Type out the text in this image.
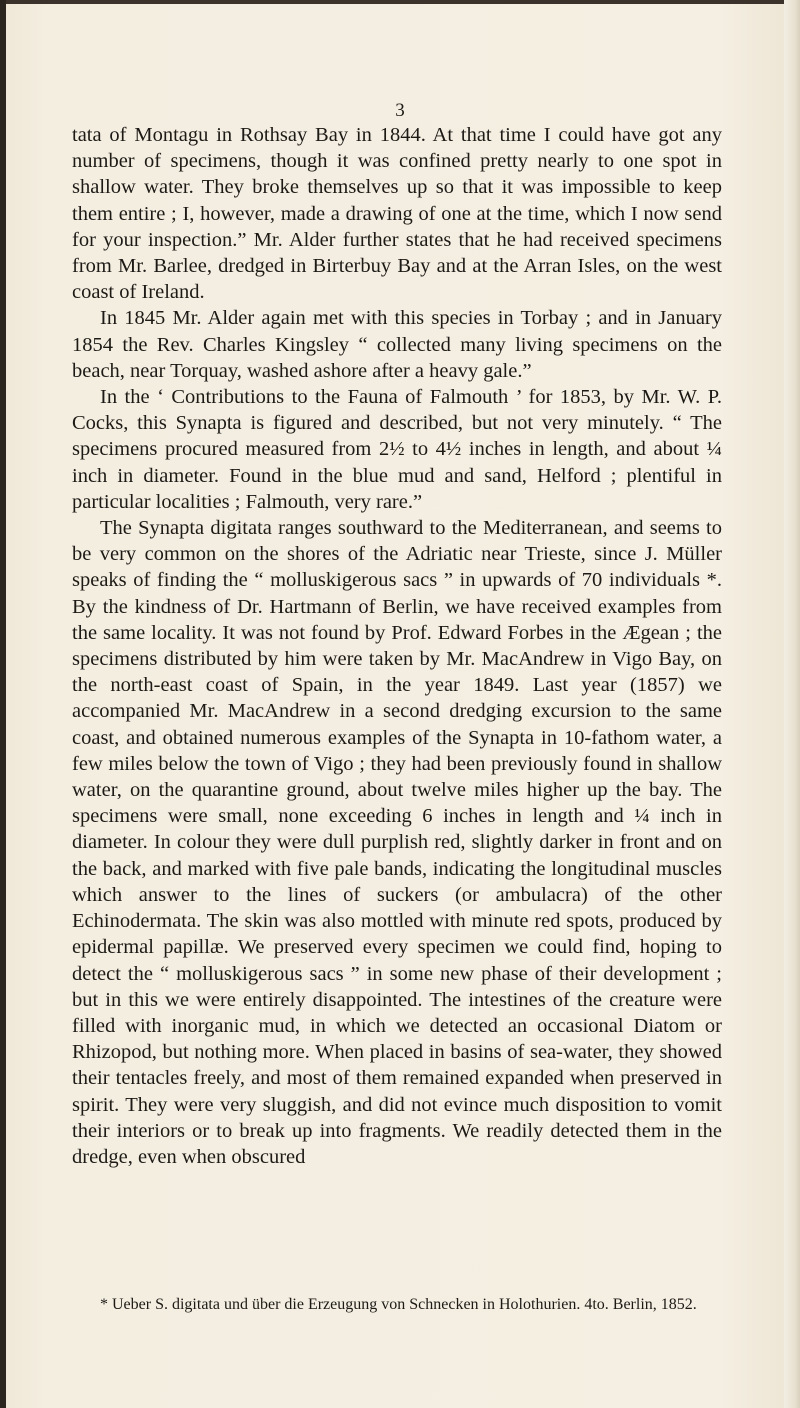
3

tata of Montagu in Rothsay Bay in 1844. At that time I could have got any number of specimens, though it was confined pretty nearly to one spot in shallow water. They broke themselves up so that it was impossible to keep them entire ; I, however, made a drawing of one at the time, which I now send for your inspection.” Mr. Alder further states that he had received specimens from Mr. Barlee, dredged in Birterbuy Bay and at the Arran Isles, on the west coast of Ireland.

In 1845 Mr. Alder again met with this species in Torbay ; and in January 1854 the Rev. Charles Kingsley “ collected many living specimens on the beach, near Torquay, washed ashore after a heavy gale.”

In the ‘ Contributions to the Fauna of Falmouth ’ for 1853, by Mr. W. P. Cocks, this Synapta is figured and described, but not very minutely. “ The specimens procured measured from 2½ to 4½ inches in length, and about ¼ inch in diameter. Found in the blue mud and sand, Helford ; plentiful in particular localities ; Falmouth, very rare.”

The Synapta digitata ranges southward to the Mediterranean, and seems to be very common on the shores of the Adriatic near Trieste, since J. Müller speaks of finding the “ molluskigerous sacs ” in upwards of 70 individuals *. By the kindness of Dr. Hartmann of Berlin, we have received examples from the same locality. It was not found by Prof. Edward Forbes in the Ægean ; the specimens distributed by him were taken by Mr. MacAndrew in Vigo Bay, on the north-east coast of Spain, in the year 1849. Last year (1857) we accompanied Mr. MacAndrew in a second dredging excursion to the same coast, and obtained numerous examples of the Synapta in 10-fathom water, a few miles below the town of Vigo ; they had been previously found in shallow water, on the quarantine ground, about twelve miles higher up the bay. The specimens were small, none exceeding 6 inches in length and ¼ inch in diameter. In colour they were dull purplish red, slightly darker in front and on the back, and marked with five pale bands, indicating the longitudinal muscles which answer to the lines of suckers (or ambulacra) of the other Echinodermata. The skin was also mottled with minute red spots, produced by epidermal papillæ. We preserved every specimen we could find, hoping to detect the “ molluskigerous sacs ” in some new phase of their development ; but in this we were entirely disappointed. The intestines of the creature were filled with inorganic mud, in which we detected an occasional Diatom or Rhizopod, but nothing more. When placed in basins of sea-water, they showed their tentacles freely, and most of them remained expanded when preserved in spirit. They were very sluggish, and did not evince much disposition to vomit their interiors or to break up into fragments. We readily detected them in the dredge, even when obscured

* Ueber S. digitata und über die Erzeugung von Schnecken in Holothurien. 4to. Berlin, 1852.
